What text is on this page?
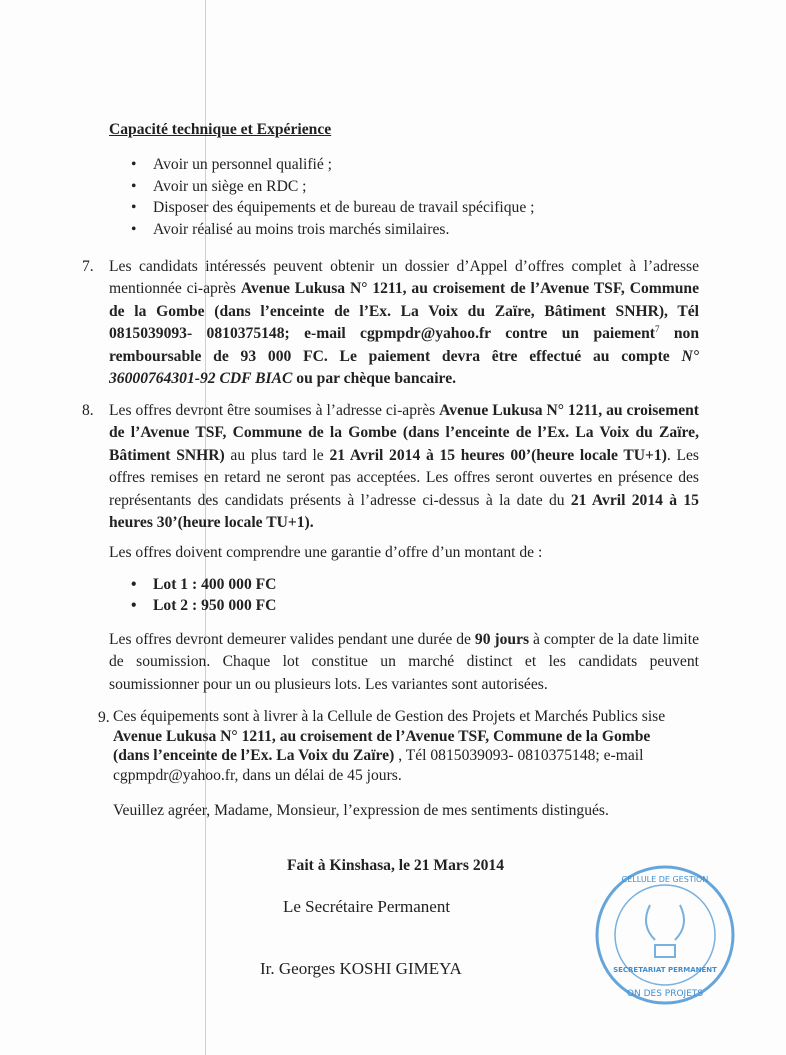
Capacité technique et Expérience
• Avoir un personnel qualifié ;
• Avoir un siège en RDC ;
• Disposer des équipements et de bureau de travail spécifique ;
• Avoir réalisé au moins trois marchés similaires.
7. Les candidats intéressés peuvent obtenir un dossier d’Appel d’offres complet à l’adresse mentionnée ci-après Avenue Lukusa N° 1211, au croisement de l’Avenue TSF, Commune de la Gombe (dans l’enceinte de l’Ex. La Voix du Zaïre, Bâtiment SNHR), Tél 0815039093- 0810375148; e-mail cgpmpdr@yahoo.fr contre un paiement$^7$ non remboursable de 93 000 FC. Le paiement devra être effectué au compte N° 36000764301-92 CDF BIAC ou par chèque bancaire.
8. Les offres devront être soumises à l’adresse ci-après Avenue Lukusa N° 1211, au croisement de l’Avenue TSF, Commune de la Gombe (dans l’enceinte de l’Ex. La Voix du Zaïre, Bâtiment SNHR) au plus tard le 21 Avril 2014 à 15 heures 00’(heure locale TU+1). Les offres remises en retard ne seront pas acceptées. Les offres seront ouvertes en présence des représentants des candidats présents à l’adresse ci-dessus à la date du 21 Avril 2014 à 15 heures 30’(heure locale TU+1).
Les offres doivent comprendre une garantie d’offre d’un montant de :
• Lot 1 : 400 000 FC
• Lot 2 : 950 000 FC
Les offres devront demeurer valides pendant une durée de 90 jours à compter de la date limite de soumission. Chaque lot constitue un marché distinct et les candidats peuvent soumissionner pour un ou plusieurs lots. Les variantes sont autorisées.
9. Ces équipements sont à livrer à la Cellule de Gestion des Projets et Marchés Publics sise
Avenue Lukusa N° 1211, au croisement de l’Avenue TSF, Commune de la Gombe
(dans l’enceinte de l’Ex. La Voix du Zaïre) , Tél 0815039093- 0810375148; e-mail
cgpmpdr@yahoo.fr, dans un délai de 45 jours.
Veuillez agréer, Madame, Monsieur, l’expression de mes sentiments distingués.
SECRETARIAT PERMANENT
ON DES PROJETS
CELLULE DE GESTION
Fait à Kinshasa, le 21 Mars 2014
Le Secrétaire Permanent
Ir. Georges KOSHI GIMEYA
